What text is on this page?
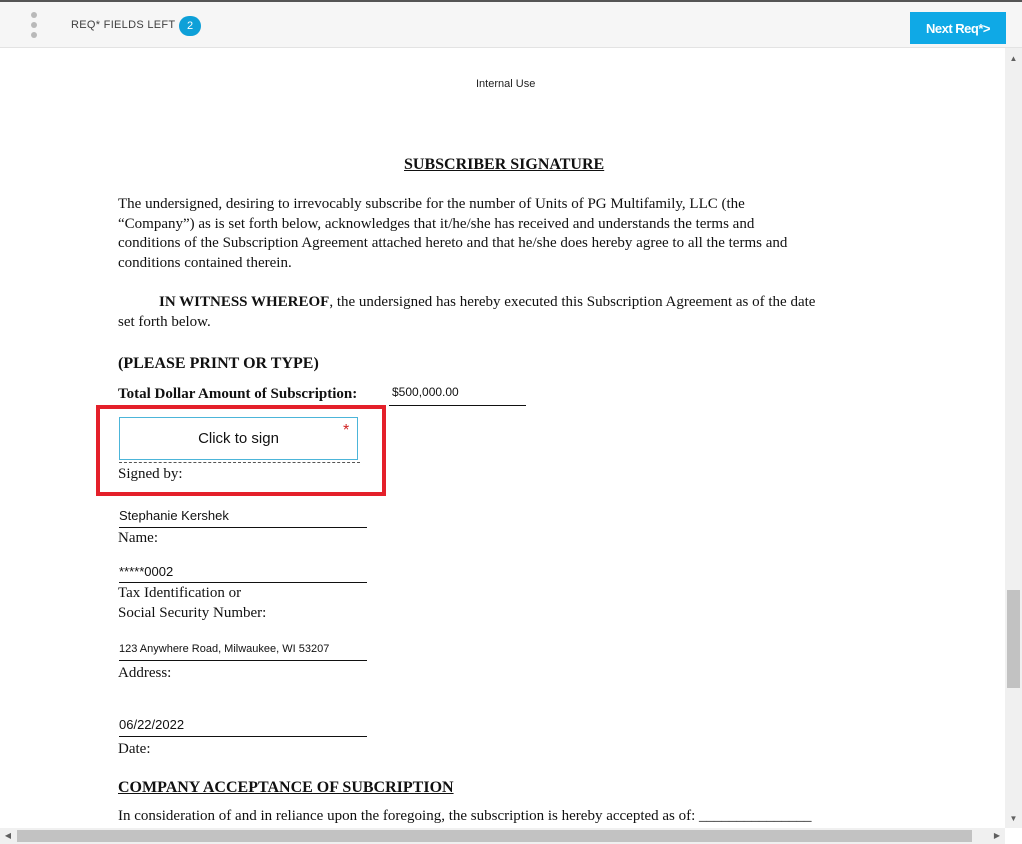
REQ* FIELDS LEFT	2	Next Req*>
Internal Use
SUBSCRIBER SIGNATURE
The undersigned, desiring to irrevocably subscribe for the number of Units of PG Multifamily, LLC (the
“Company”) as is set forth below, acknowledges that it/he/she has received and understands the terms and
conditions of the Subscription Agreement attached hereto and that he/she does hereby agree to all the terms and
conditions contained therein.
IN WITNESS WHEREOF, the undersigned has hereby executed this Subscription Agreement as of the date
set forth below.
(PLEASE PRINT OR TYPE)
Total Dollar Amount of Subscription:	$500,000.00
Click to sign	*
Signed by:
Stephanie Kershek
Name:
*****0002
Tax Identification or
Social Security Number:
123 Anywhere Road, Milwaukee, WI 53207
Address:
06/22/2022
Date:
COMPANY ACCEPTANCE OF SUBCRIPTION
In consideration of and in reliance upon the foregoing, the subscription is hereby accepted as of: _______________
▲
▼
◀	▶
